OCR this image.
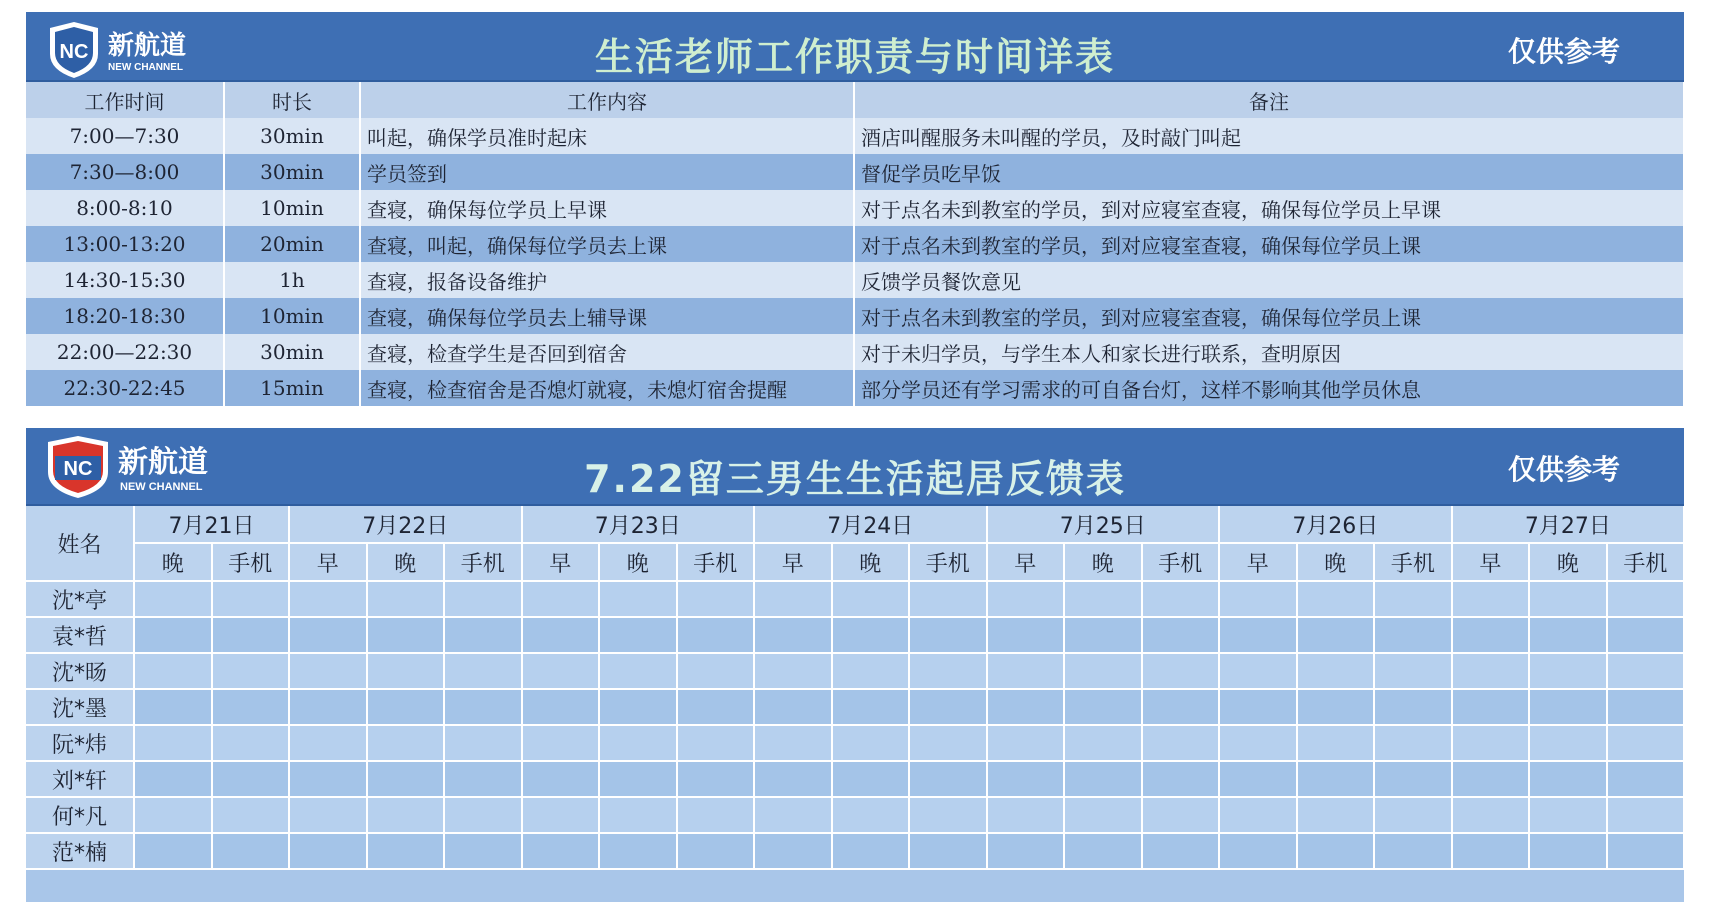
NC 新航道
NEW CHANNEL	生活老师工作职责与时间详表	仅供参考
工作时间	时长	工作内容	备注
7:00—7:30	30min	叫起，确保学员准时起床	酒店叫醒服务未叫醒的学员，及时敲门叫起
7:30—8:00	30min	学员签到	督促学员吃早饭
8:00-8:10	10min	查寝，确保每位学员上早课	对于点名未到教室的学员，到对应寝室查寝，确保每位学员上早课
13:00-13:20	20min	查寝，叫起，确保每位学员去上课	对于点名未到教室的学员，到对应寝室查寝，确保每位学员上课
14:30-15:30	1h	查寝，报备设备维护	反馈学员餐饮意见
18:20-18:30	10min	查寝，确保每位学员去上辅导课	对于点名未到教室的学员，到对应寝室查寝，确保每位学员上课
22:00—22:30	30min	查寝，检查学生是否回到宿舍	对于未归学员，与学生本人和家长进行联系，查明原因
22:30-22:45	15min	查寝，检查宿舍是否熄灯就寝，未熄灯宿舍提醒	部分学员还有学习需求的可自备台灯，这样不影响其他学员休息
NC 新航道
NEW CHANNEL	7.22留三男生生活起居反馈表	仅供参考
姓名	7月21日		7月22日			7月23日			7月24日			7月25日			7月26日			7月27日		
	晚	手机	早	晚	手机	早	晚	手机	早	晚	手机	早	晚	手机	早	晚	手机	早	晚	手机
沈*亭																				
袁*哲																				
沈*旸																				
沈*墨																				
阮*炜																				
刘*轩																				
何*凡																				
范*楠																				
